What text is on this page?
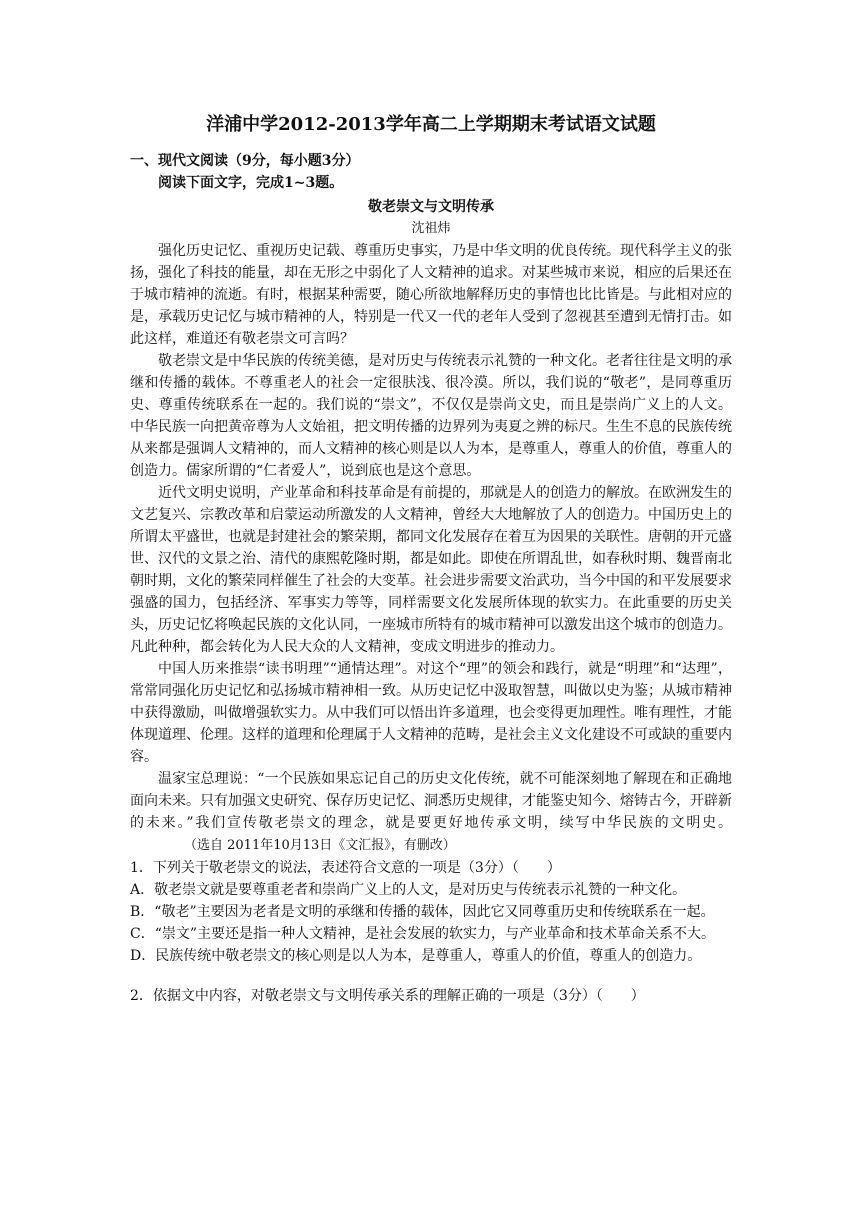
洋浦中学2012-2013学年高二上学期期末考试语文试题
一、现代文阅读（9分，每小题3分）
阅读下面文字，完成1~3题。
敬老崇文与文明传承
沈祖炜

强化历史记忆、重视历史记载、尊重历史事实，乃是中华文明的优良传统。现代科学主义的张扬，强化了科技的能量，却在无形之中弱化了人文精神的追求。对某些城市来说，相应的后果还在于城市精神的流逝。有时，根据某种需要，随心所欲地解释历史的事情也比比皆是。与此相对应的是，承载历史记忆与城市精神的人，特别是一代又一代的老年人受到了忽视甚至遭到无情打击。如此这样，难道还有敬老崇文可言吗？

敬老崇文是中华民族的传统美德，是对历史与传统表示礼赞的一种文化。老者往往是文明的承继和传播的载体。不尊重老人的社会一定很肤浅、很冷漠。所以，我们说的“敬老”，是同尊重历史、尊重传统联系在一起的。我们说的“崇文”，不仅仅是崇尚文史，而且是崇尚广义上的人文。中华民族一向把黄帝尊为人文始祖，把文明传播的边界列为夷夏之辨的标尺。生生不息的民族传统从来都是强调人文精神的，而人文精神的核心则是以人为本，是尊重人，尊重人的价值，尊重人的创造力。儒家所谓的“仁者爱人”，说到底也是这个意思。

近代文明史说明，产业革命和科技革命是有前提的，那就是人的创造力的解放。在欧洲发生的文艺复兴、宗教改革和启蒙运动所激发的人文精神，曾经大大地解放了人的创造力。中国历史上的所谓太平盛世，也就是封建社会的繁荣期，都同文化发展存在着互为因果的关联性。唐朝的开元盛世、汉代的文景之治、清代的康熙乾隆时期，都是如此。即使在所谓乱世，如春秋时期、魏晋南北朝时期，文化的繁荣同样催生了社会的大变革。社会进步需要文治武功，当今中国的和平发展要求强盛的国力，包括经济、军事实力等等，同样需要文化发展所体现的软实力。在此重要的历史关头，历史记忆将唤起民族的文化认同，一座城市所特有的城市精神可以激发出这个城市的创造力。凡此种种，都会转化为人民大众的人文精神，变成文明进步的推动力。

中国人历来推崇“读书明理”“通情达理”。对这个“理”的领会和践行，就是“明理”和“达理”，常常同强化历史记忆和弘扬城市精神相一致。从历史记忆中汲取智慧，叫做以史为鉴；从城市精神中获得激励，叫做增强软实力。从中我们可以悟出许多道理，也会变得更加理性。唯有理性，才能体现道理、伦理。这样的道理和伦理属于人文精神的范畴，是社会主义文化建设不可或缺的重要内容。

温家宝总理说：“一个民族如果忘记自己的历史文化传统，就不可能深刻地了解现在和正确地面向未来。只有加强文史研究、保存历史记忆、洞悉历史规律，才能鉴史知今、熔铸古今，开辟新的未来。”我们宣传敬老崇文的理念，就是要更好地传承文明，续写中华民族的文明史。（选自 2011年10月13日《文汇报》，有删改）

1．下列关于敬老崇文的说法，表述符合文意的一项是（3分）（　　）

A．敬老崇文就是要尊重老者和崇尚广义上的人文，是对历史与传统表示礼赞的一种文化。

B．“敬老”主要因为老者是文明的承继和传播的载体，因此它又同尊重历史和传统联系在一起。

C．“崇文”主要还是指一种人文精神，是社会发展的软实力，与产业革命和技术革命关系不大。

D．民族传统中敬老崇文的核心则是以人为本，是尊重人，尊重人的价值，尊重人的创造力。

2．依据文中内容，对敬老崇文与文明传承关系的理解正确的一项是（3分）（　　）
